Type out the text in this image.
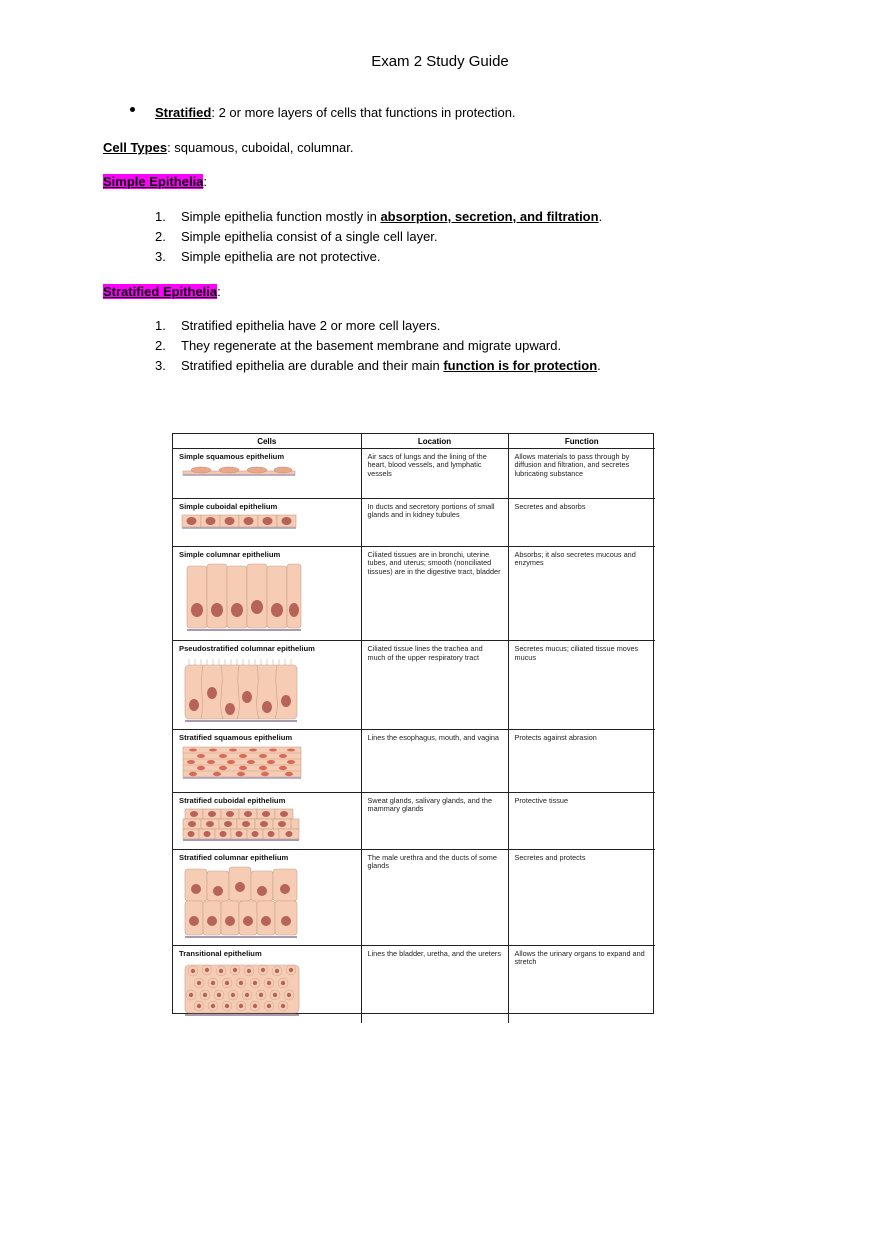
Exam 2 Study Guide
Stratified: 2 or more layers of cells that functions in protection.
Cell Types: squamous, cuboidal, columnar.
Simple Epithelia:
1. Simple epithelia function mostly in absorption, secretion, and filtration.
2. Simple epithelia consist of a single cell layer.
3. Simple epithelia are not protective.
Stratified Epithelia:
1. Stratified epithelia have 2 or more cell layers.
2. They regenerate at the basement membrane and migrate upward.
3. Stratified epithelia are durable and their main function is for protection.
Cells	Location	Function

Simple squamous epithelium	Air sacs of lungs and the lining of the heart, blood vessels, and lymphatic vessels	Allows materials to pass through by diffusion and filtration, and secretes lubricating substance

Simple cuboidal epithelium	In ducts and secretory portions of small glands and in kidney tubules	Secretes and absorbs

Simple columnar epithelium	Ciliated tissues are in bronchi, uterine tubes, and uterus; smooth (nonciliated tissues) are in the digestive tract, bladder	Absorbs; it also secretes mucous and enzymes

Pseudostratified columnar epithelium	Ciliated tissue lines the trachea and much of the upper respiratory tract	Secretes mucus; ciliated tissue moves mucus

Stratified squamous epithelium	Lines the esophagus, mouth, and vagina	Protects against abrasion

Stratified cuboidal epithelium	Sweat glands, salivary glands, and the mammary glands	Protective tissue

Stratified columnar epithelium	The male urethra and the ducts of some glands	Secretes and protects

Transitional epithelium	Lines the bladder, uretha, and the ureters	Allows the urinary organs to expand and stretch
